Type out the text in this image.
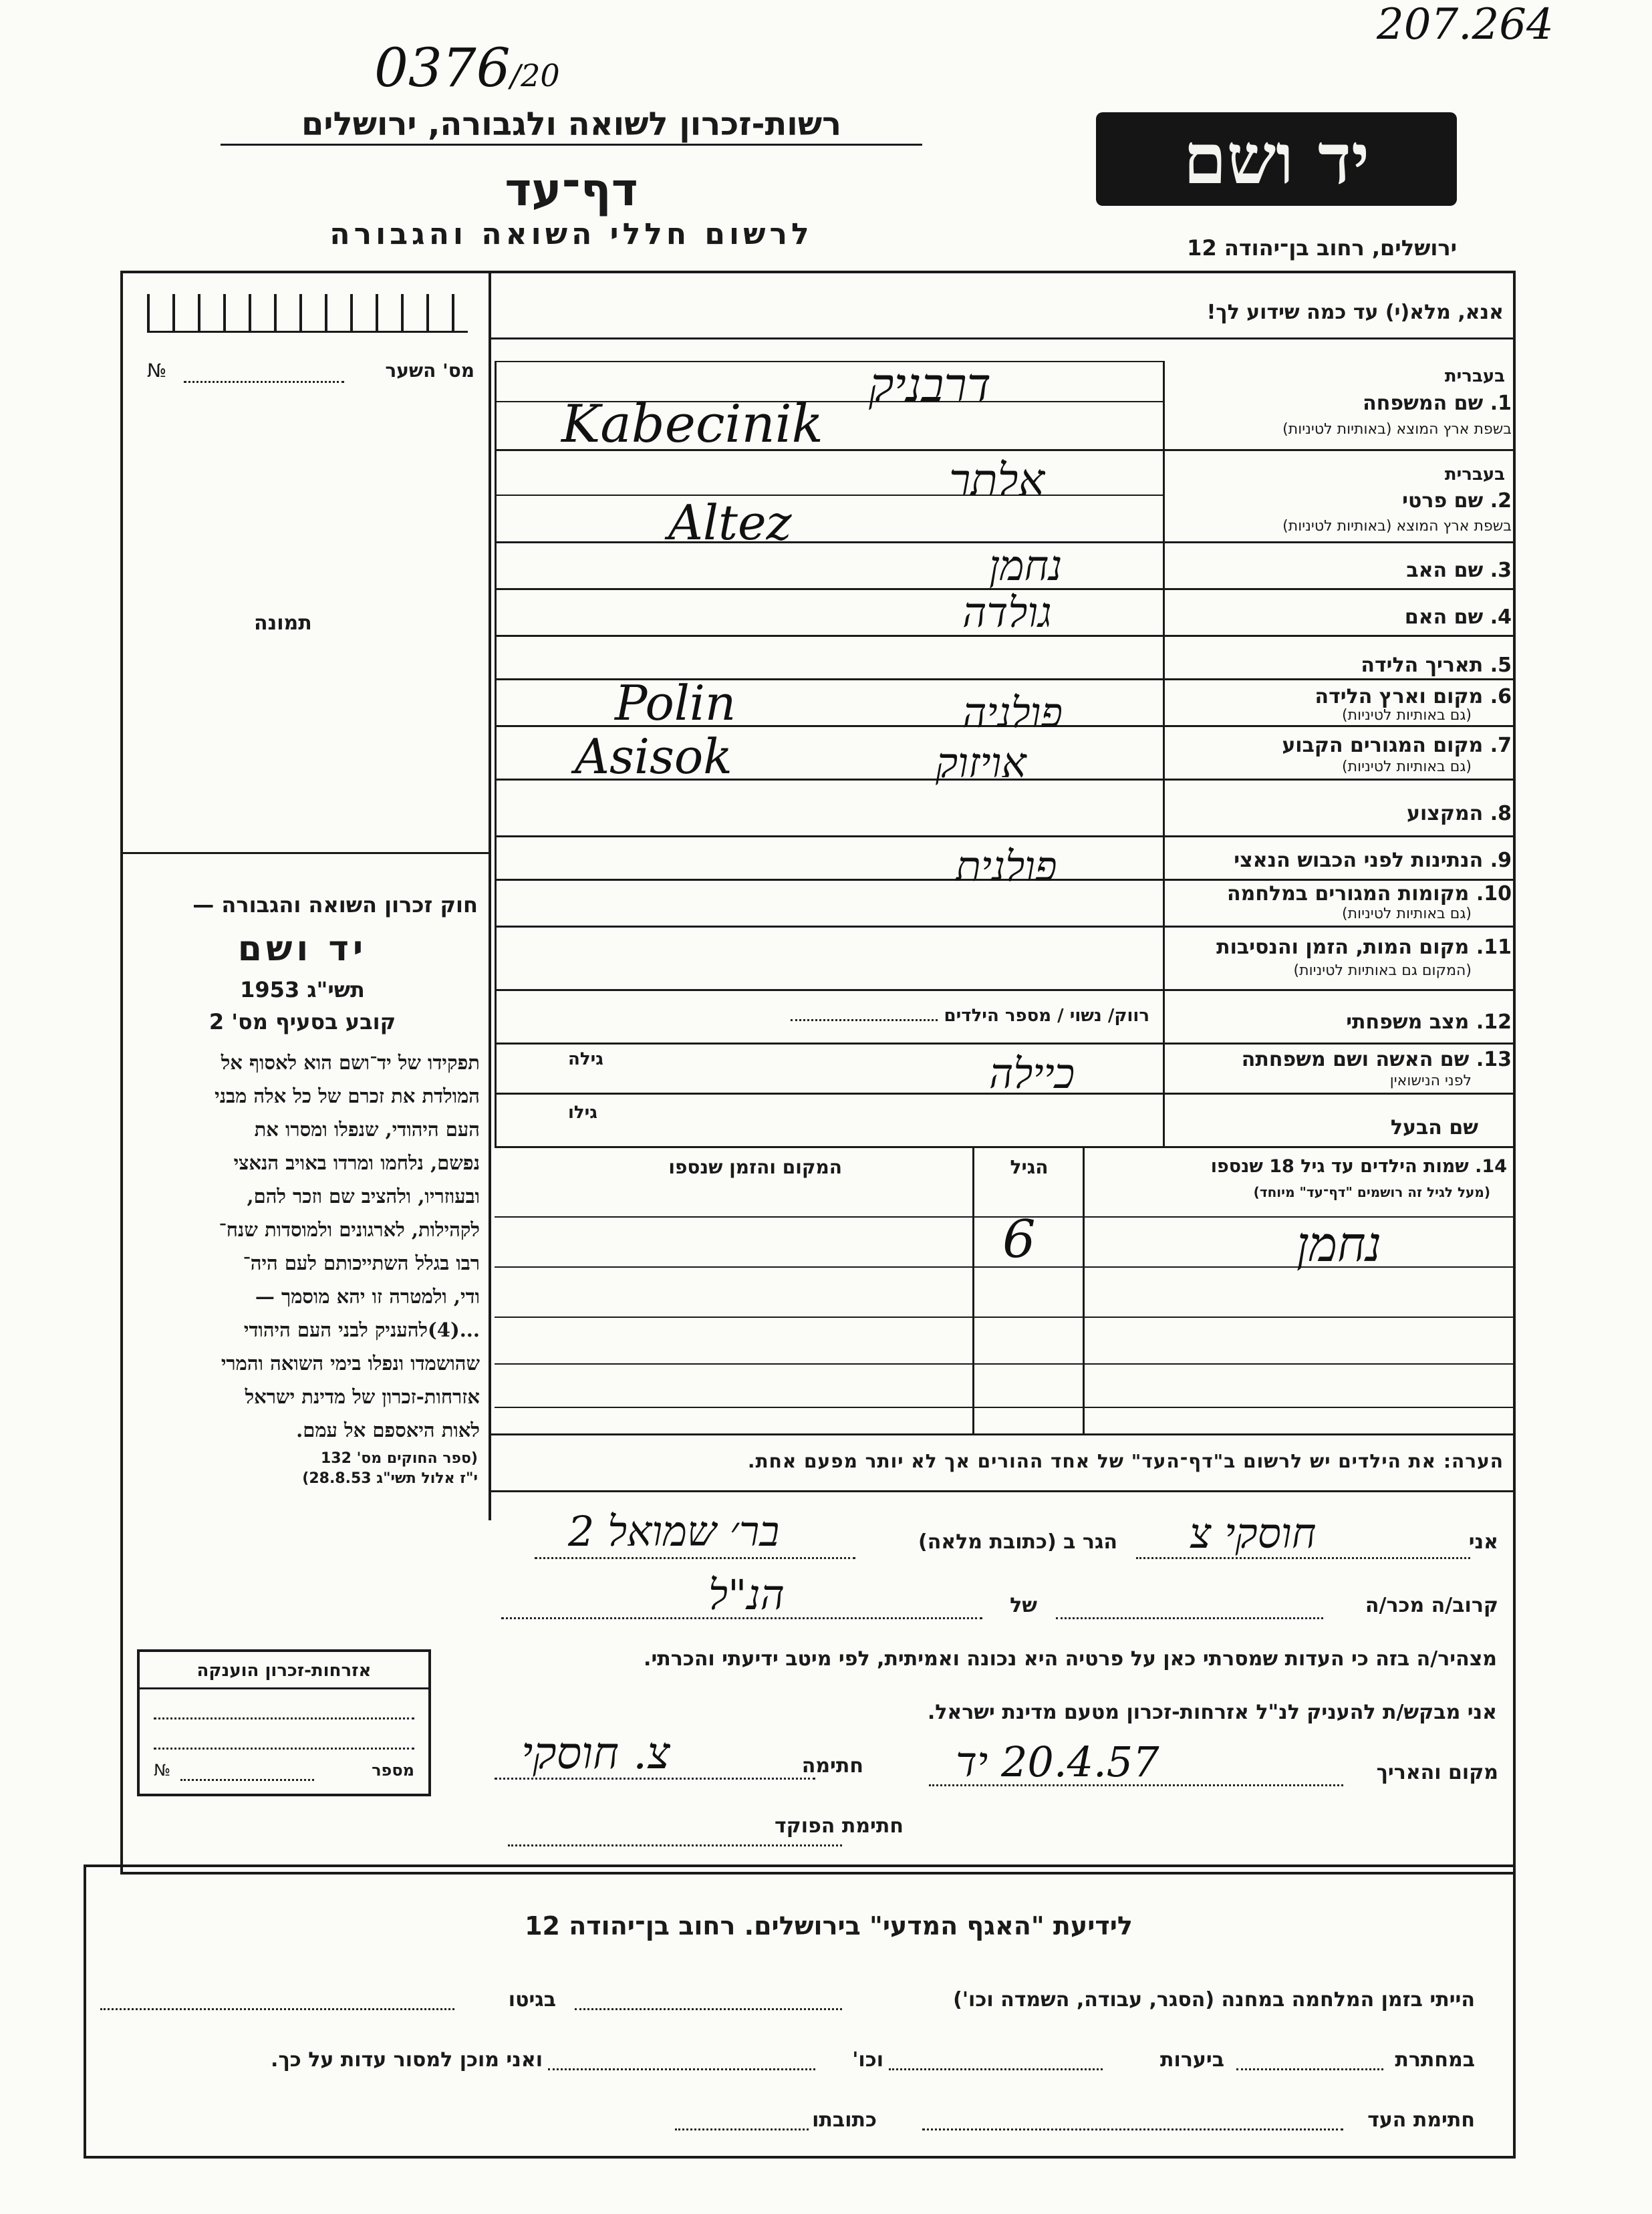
207.264
0376/20
רשות-זכרון לשואה ולגבורה, ירושלים
דף־עד
לרשום חללי השואה והגבורה
יד ושם
ירושלים, רחוב בן־יהודה 12
מס' השער
№
תמונה
חוק זכרון השואה והגבורה —
יד ושם
תשי"ג 1953
קובע בסעיף מס' 2
תפקידו של יד־ושם הוא לאסוף אל
המולדת את זכרם של כל אלה מבני
העם היהודי, שנפלו ומסרו את
נפשם, נלחמו ומרדו באויב הנאצי
ובעוזריו, ולהציב שם וזכר להם,
לקהילות, לארגונים ולמוסדות שנח־
רבו בגלל השתייכותם לעם היה־
ודי, ולמטרה זו יהא מוסמך —
...(4)להעניק לבני העם היהודי
שהושמדו ונפלו בימי השואה והמרי
אזרחות-זכרון של מדינת ישראל
לאות היאספם אל עמם.
(ספר החוקים מס' 132
י"ז אלול תשי"ג 28.8.53)
אזרחות-זכרון הוענקה
מספר
№
אנא, מלא(י) עד כמה שידוע לך!
בעברית
1. שם המשפחה
בשפת ארץ המוצא (באותיות לטיניות)
בעברית
2. שם פרטי
בשפת ארץ המוצא (באותיות לטיניות)
3. שם האב
4. שם האם
5. תאריך הלידה
6. מקום וארץ הלידה
(גם באותיות לטיניות)
7. מקום המגורים הקבוע
(גם באותיות לטיניות)
8. המקצוע
9. הנתינות לפני הכבוש הנאצי
10. מקומות המגורים במלחמה
(גם באותיות לטיניות)
11. מקום המות, הזמן והנסיבות
(המקום גם באותיות לטיניות)
12. מצב משפחתי
13. שם האשה ושם משפחתה
לפני הנישואין
שם הבעל
רווק/ נשוי / מספר הילדים
גילה
גילו
דרבניק
Kabecinik
אלתר
Altez
נחמן
גולדה
Polin	פולניה
Asisok	אויזוק
פולנית
כיילה
14. שמות הילדים עד גיל 18 שנספו
(מעל לגיל זה רושמים "דף־עד" מיוחד)
הגיל
המקום והזמן שנספו
נחמן
6
הערה: את הילדים יש לרשום ב"דף־העד" של אחד ההורים אך לא יותר מפעם אחת.
אני
חוסקי צ
הגר ב (כתובת מלאה)
בר׳ שמואל 2
קרוב/ה מכר/ה
של
הנ"ל
מצהיר/ה בזה כי העדות שמסרתי כאן על פרטיה היא נכונה ואמיתית, לפי מיטב ידיעתי והכרתי.
אני מבקש/ת להעניק לנ"ל אזרחות-זכרון מטעם מדינת ישראל.
מקום והאריך
20.4.57 יד
חתימה
צ. חוסקי
חתימת הפוקד
לידיעת "האגף המדעי" בירושלים. רחוב בן־יהודה 12
הייתי בזמן המלחמה במחנה (הסגר, עבודה, השמדה וכו')
בגיטו
במחתרת
ביערות
וכו'
ואני מוכן למסור עדות על כך.
חתימת העד
כתובתו
